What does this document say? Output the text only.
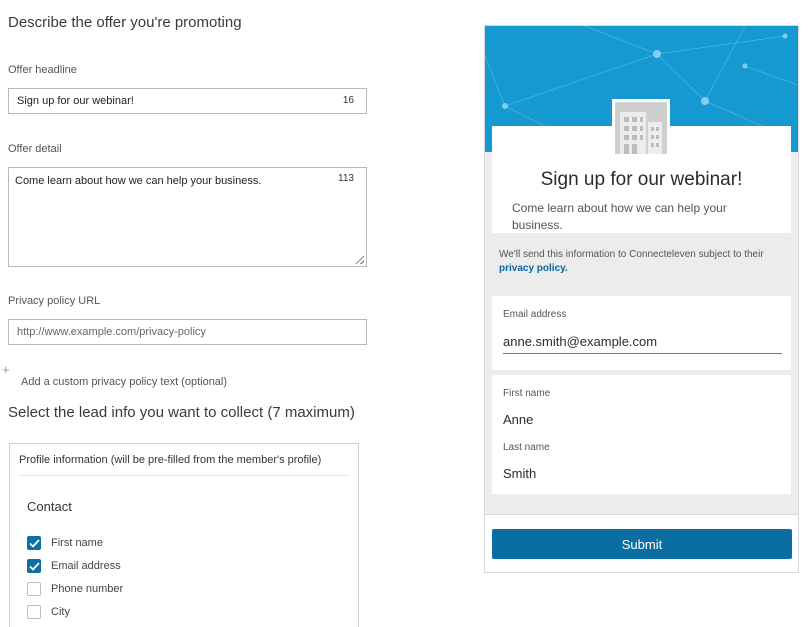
Describe the offer you're promoting
Offer headline
Sign up for our webinar!	16
Offer detail
Come learn about how we can help your business.	113
Privacy policy URL
http://www.example.com/privacy-policy
+
Add a custom privacy policy text (optional)
Select the lead info you want to collect (7 maximum)
Profile information (will be pre-filled from the member's profile)
Contact
First name
Email address
Phone number
City
Sign up for our webinar!
Come learn about how we can help your business.
We'll send this information to Connecteleven subject to their privacy policy.
Email address
anne.smith@example.com
First name
Anne
Last name
Smith
Submit
